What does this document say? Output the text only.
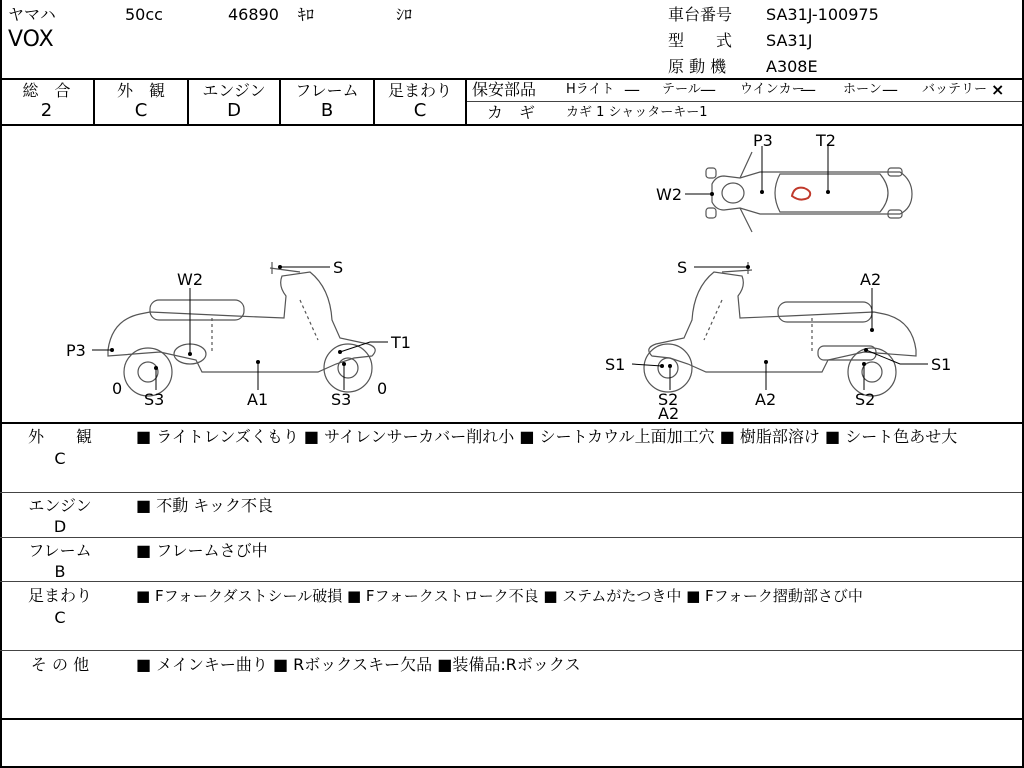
ヤマハ	50cc	46890 ｷﾛ	ｼﾛ
VOX
車台番号 SA31J-100975
型　　式 SA31J
原 動 機 A308E
総　合
2
外　観
C
エンジン
D
フレーム
B
足まわり
C
保安部品 Hライト — テール — ウインカー
— ホーン — バッテリー ×
カ　ギ カギ 1 シャッターキー1
P3	T2
W2
S
W2
P3	T1
0
S3	A1	S3
0
S
A2
S1	S1
S2
A2
A2	S2
外　　観
C
■ ライトレンズくもり ■ サイレンサーカバー削れ小 ■ シートカウル上面加工穴 ■ 樹脂部溶け ■ シート色あせ大
エンジン
D
■ 不動 キック不良
フレーム
B
■ フレームさび中
足まわり
C
■ Fフォークダストシール破損 ■ Fフォークストローク不良 ■ ステムがたつき中 ■ Fフォーク摺動部さび中
そ の 他	■ メインキー曲り ■ Rボックスキー欠品 ■装備品:Rボックス
